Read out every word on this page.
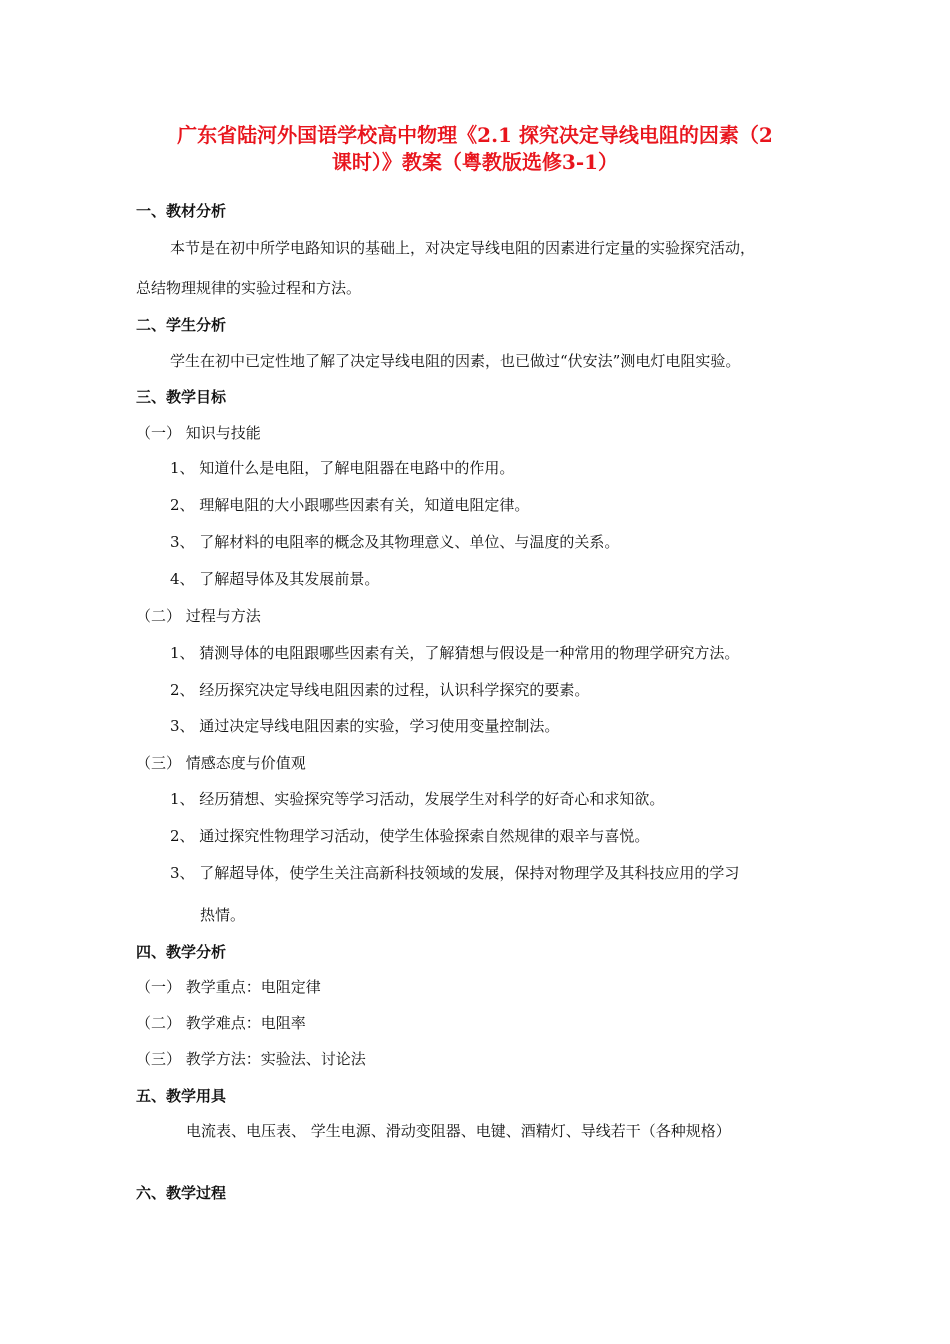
广东省陆河外国语学校高中物理《2.1 探究决定导线电阻的因素（2
课时）》教案（粤教版选修3-1）

一、教材分析

本节是在初中所学电路知识的基础上，对决定导线电阻的因素进行定量的实验探究活动，

总结物理规律的实验过程和方法。

二、学生分析

学生在初中已定性地了解了决定导线电阻的因素，也已做过“伏安法”测电灯电阻实验。

三、教学目标

（一） 知识与技能

1、 知道什么是电阻，了解电阻器在电路中的作用。

2、 理解电阻的大小跟哪些因素有关，知道电阻定律。

3、 了解材料的电阻率的概念及其物理意义、单位、与温度的关系。

4、 了解超导体及其发展前景。

（二） 过程与方法

1、 猜测导体的电阻跟哪些因素有关，了解猜想与假设是一种常用的物理学研究方法。

2、 经历探究决定导线电阻因素的过程，认识科学探究的要素。

3、 通过决定导线电阻因素的实验，学习使用变量控制法。

（三） 情感态度与价值观

1、 经历猜想、实验探究等学习活动，发展学生对科学的好奇心和求知欲。

2、 通过探究性物理学习活动，使学生体验探索自然规律的艰辛与喜悦。

3、 了解超导体，使学生关注高新科技领域的发展，保持对物理学及其科技应用的学习

热情。

四、教学分析

（一） 教学重点：电阻定律

（二） 教学难点：电阻率

（三） 教学方法：实验法、讨论法

五、教学用具

电流表、电压表、 学生电源、滑动变阻器、电键、酒精灯、导线若干（各种规格）

六、教学过程
